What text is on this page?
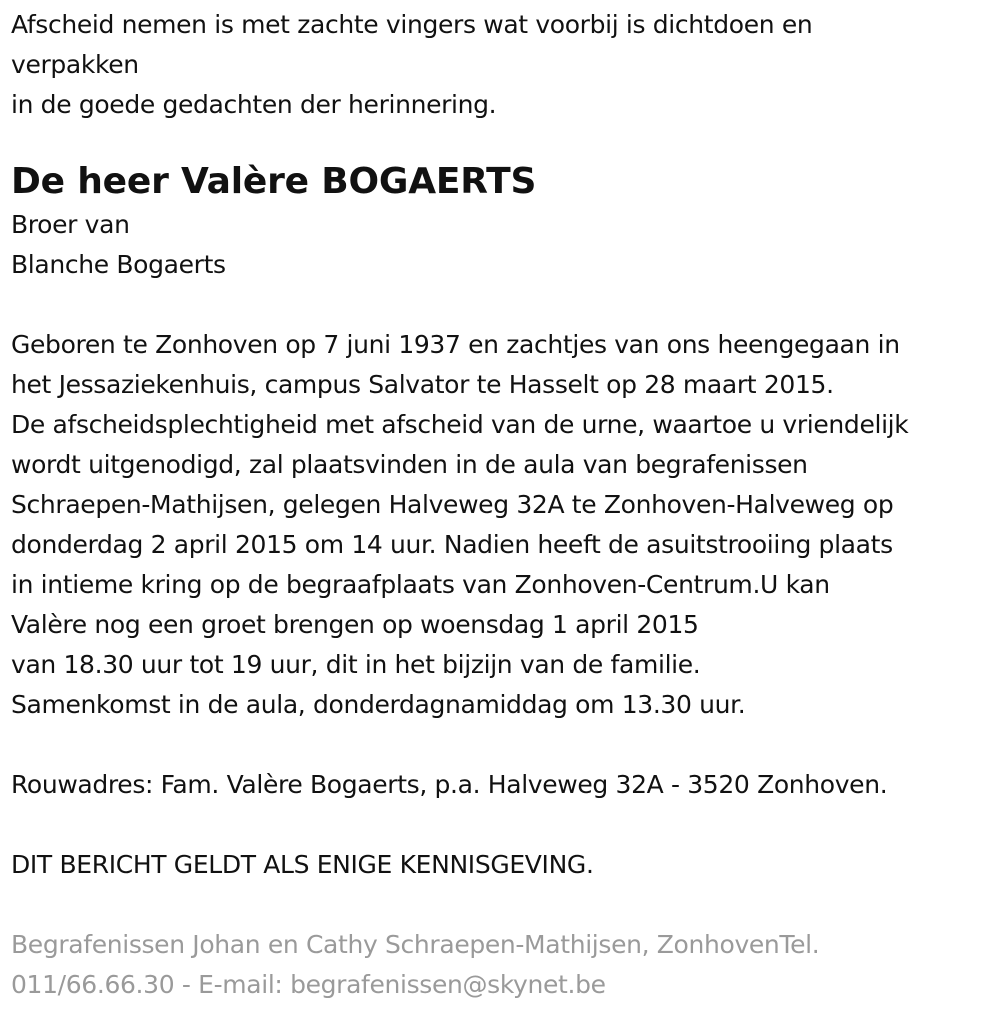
Afscheid nemen is met zachte vingers wat voorbij is dichtdoen en
verpakken
in de goede gedachten der herinnering.
De heer Valère BOGAERTS
Broer van
Blanche Bogaerts
Geboren te Zonhoven op 7 juni 1937 en zachtjes van ons heengegaan in
het Jessaziekenhuis, campus Salvator te Hasselt op 28 maart 2015.
De afscheidsplechtigheid met afscheid van de urne, waartoe u vriendelijk
wordt uitgenodigd, zal plaatsvinden in de aula van begrafenissen
Schraepen-Mathijsen, gelegen Halveweg 32A te Zonhoven-Halveweg op
donderdag 2 april 2015 om 14 uur. Nadien heeft de asuitstrooiing plaats
in intieme kring op de begraafplaats van Zonhoven-Centrum.U kan
Valère nog een groet brengen op woensdag 1 april 2015
van 18.30 uur tot 19 uur, dit in het bijzijn van de familie.
Samenkomst in de aula, donderdagnamiddag om 13.30 uur.
Rouwadres: Fam. Valère Bogaerts, p.a. Halveweg 32A - 3520 Zonhoven.
DIT BERICHT GELDT ALS ENIGE KENNISGEVING.
Begrafenissen Johan en Cathy Schraepen-Mathijsen, ZonhovenTel.
011/66.66.30 - E-mail: begrafenissen@skynet.be
